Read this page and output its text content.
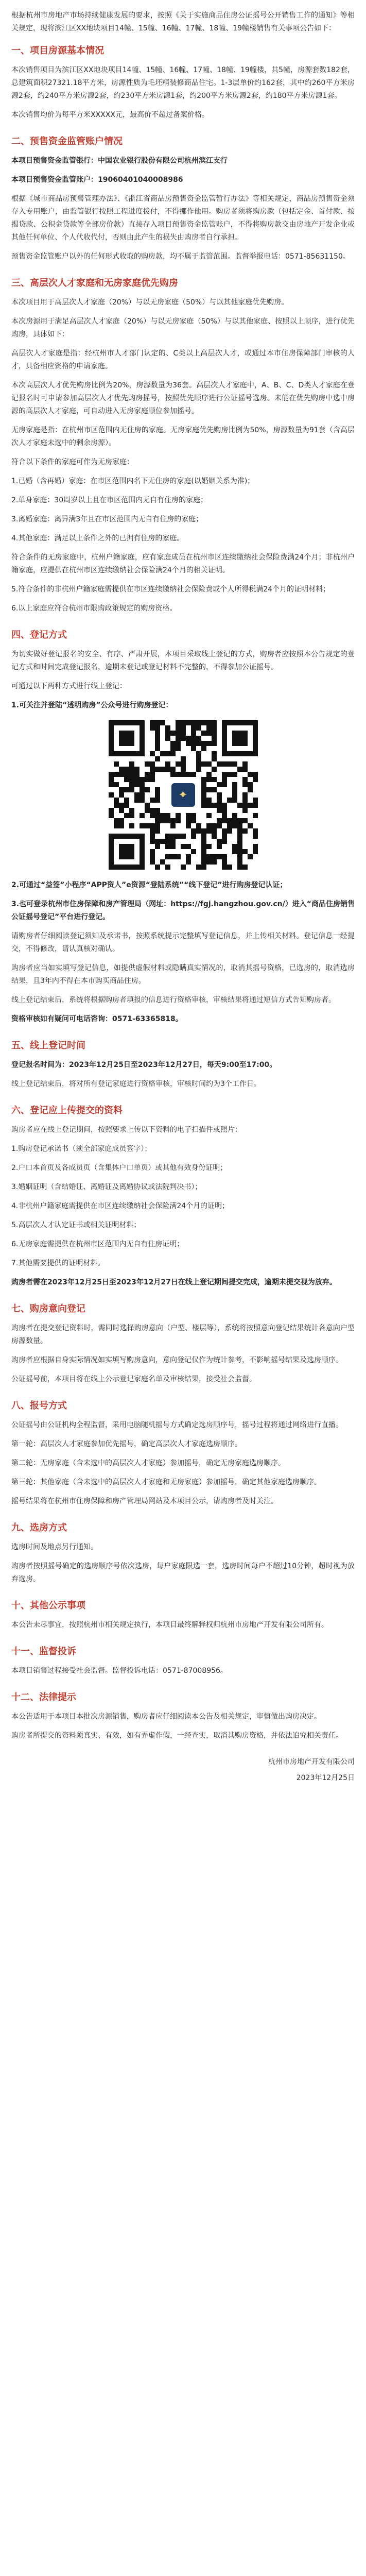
根据杭州市房地产市场持续健康发展的要求，按照《关于实施商品住房公证摇号公开销售工作的通知》等相关规定，现将滨江区XX地块项目14幢、15幢、16幢、17幢、18幢、19幢楼销售有关事项公告如下：

一、项目房源基本情况

本次销售项目为滨江区XX地块项目14幢、15幢、16幢、17幢、18幢、19幢楼，共5幢，房源套数182套，总建筑面积27321.18平方米，房源性质为毛坯精装修商品住宅。1-3层单价约162套，其中约260平方米房源2套，约240平方米房源2套，约230平方米房源1套，约200平方米房源2套，约180平方米房源1套。

本次销售均价为每平方米XXXXX元，最高价不超过备案价格。

二、预售资金监管账户情况

本项目预售资金监管银行：中国农业银行股份有限公司杭州滨江支行

本项目预售资金监管账户：19060401040008986

根据《城市商品房预售管理办法》、《浙江省商品房预售资金监管暂行办法》等相关规定，商品房预售资金须存入专用账户，由监管银行按照工程进度拨付，不得挪作他用。购房者须将购房款（包括定金、首付款、按揭贷款、公积金贷款等全部房价款）直接存入项目预售资金监管账户，不得将购房款交由房地产开发企业或其他任何单位、个人代收代付，否则由此产生的损失由购房者自行承担。

预售资金监管账户以外的任何形式收取的购房款，均不属于监管范围。监督举报电话：0571-85631150。

三、高层次人才家庭和无房家庭优先购房

本次项目用于高层次人才家庭（20%）与以无房家庭（50%）与以其他家庭优先购房。

本次房源用于满足高层次人才家庭（20%）与以无房家庭（50%）与以其他家庭、按照以上顺序，进行优先购房，具体如下：

高层次人才家庭是指：经杭州市人才部门认定的、C类以上高层次人才，或通过本市住房保障部门审核的人才，具备相应资格的申请家庭。

本次高层次人才优先购房比例为20%，房源数量为36套。高层次人才家庭中，A、B、C、D类人才家庭在登记报名时可申请参加高层次人才优先购房摇号，按照优先顺序进行公证摇号选房。未能在优先购房中选中房源的高层次人才家庭，可自动进入无房家庭顺位参加摇号。

无房家庭是指：在杭州市区范围内无住房的家庭。无房家庭优先购房比例为50%，房源数量为91套（含高层次人才家庭未选中的剩余房源）。

符合以下条件的家庭可作为无房家庭：

1.已婚（含再婚）家庭：在市区范围内名下无住房的家庭(以婚姻关系为准)；

2.单身家庭：30周岁以上且在市区范围内无自有住房的家庭；

3.离婚家庭：离异满3年且在市区范围内无自有住房的家庭；

4.其他家庭：满足以上条件之外的已拥有住房的家庭。

符合条件的无房家庭中，杭州户籍家庭，应有家庭成员在杭州市区连续缴纳社会保险费满24个月；非杭州户籍家庭，应提供在杭州市区连续缴纳社会保险满24个月的相关证明。

5.符合条件的非杭州户籍家庭需提供在市区连续缴纳社会保险费或个人所得税满24个月的证明材料；

6.以上家庭应符合杭州市限购政策规定的购房资格。

四、登记方式

为切实做好登记报名的安全、有序、严肃开展，本项目采取线上登记的方式，购房者应按照本公告规定的登记方式和时间完成登记报名，逾期未登记或登记材料不完整的，不得参加公证摇号。

可通过以下两种方式进行线上登记：

1.可关注并登陆“透明购房”公众号进行购房登记：

✦

2.可通过“益签”小程序“APP资人”e资源“登陆系统”“线下登记”进行购房登记认证；

3.也可登录杭州市住房保障和房产管理局（网址：https://fgj.hangzhou.gov.cn/）进入“商品住房销售公证摇号登记”平台进行登记。

请购房者仔细阅读登记须知及承诺书，按照系统提示完整填写登记信息，并上传相关材料。登记信息一经提交，不得修改，请认真核对确认。

购房者应当如实填写登记信息，如提供虚假材料或隐瞒真实情况的，取消其摇号资格，已选房的，取消选房结果，且3年内不得在本市购买商品住房。

线上登记结束后，系统将根据购房者填报的信息进行资格审核，审核结果将通过短信方式告知购房者。

资格审核如有疑问可电话咨询：0571-63365818。

五、线上登记时间

登记报名时间为：2023年12月25日至2023年12月27日，每天9:00至17:00。

线上登记结束后，将对所有登记家庭进行资格审核，审核时间约为3个工作日。

六、登记应上传提交的资料

购房者应在线上登记期间，按照要求上传以下资料的电子扫描件或照片：

1.购房登记承诺书（须全部家庭成员签字）；

2.户口本首页及各成员页（含集体户口单页）或其他有效身份证明；

3.婚姻证明（含结婚证、离婚证及离婚协议或法院判决书）；

4.非杭州户籍家庭需提供在市区连续缴纳社会保险满24个月的证明；

5.高层次人才认定证书或相关证明材料；

6.无房家庭需提供在杭州市区范围内无自有住房证明；

7.其他需要提供的证明材料。

购房者需在2023年12月25日至2023年12月27日在线上登记期间提交完成，逾期未提交视为放弃。

七、购房意向登记

购房者在提交登记资料时，需同时选择购房意向（户型、楼层等），系统将按照意向登记结果统计各意向户型房源数量。

购房者应根据自身实际情况如实填写购房意向，意向登记仅作为统计参考，不影响摇号结果及选房顺序。

公证摇号前，本项目将在线上公示登记家庭名单及审核结果，接受社会监督。

八、报号方式

公证摇号由公证机构全程监督，采用电脑随机摇号方式确定选房顺序号，摇号过程将通过网络进行直播。

第一轮：高层次人才家庭参加优先摇号，确定高层次人才家庭选房顺序。

第二轮：无房家庭（含未选中的高层次人才家庭）参加摇号，确定无房家庭选房顺序。

第三轮：其他家庭（含未选中的高层次人才家庭和无房家庭）参加摇号，确定其他家庭选房顺序。

摇号结果将在杭州市住房保障和房产管理局网站及本项目公示，请购房者及时关注。

九、选房方式

选房时间及地点另行通知。

购房者按照摇号确定的选房顺序号依次选房，每户家庭限选一套，选房时间每户不超过10分钟，超时视为放弃选房。

十、其他公示事项

本公告未尽事宜，按照杭州市相关规定执行，本项目最终解释权归杭州市房地产开发有限公司所有。

十一、监督投诉

本项目销售过程接受社会监督。监督投诉电话：0571-87008956。

十二、法律提示

本公告适用于本项目本批次房源销售，购房者应仔细阅读本公告及相关规定，审慎做出购房决定。

购房者所提交的资料须真实、有效，如有弄虚作假，一经查实，取消其购房资格，并依法追究相关责任。

杭州市房地产开发有限公司

2023年12月25日
